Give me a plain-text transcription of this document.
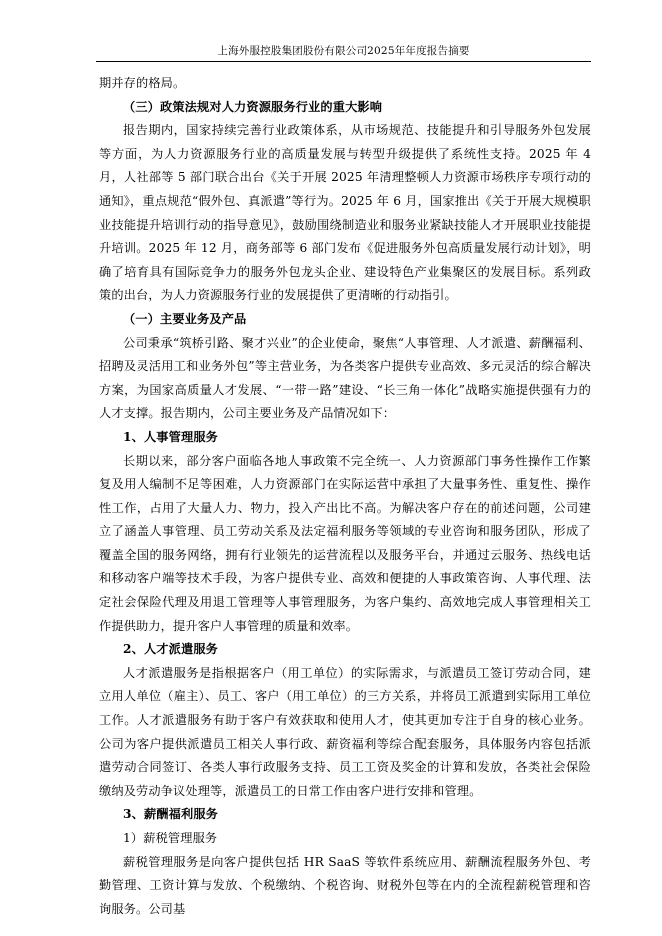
上海外服控股集团股份有限公司2025年年度报告摘要

期并存的格局。

（三）政策法规对人力资源服务行业的重大影响

报告期内，国家持续完善行业政策体系，从市场规范、技能提升和引导服务外包发展等方面，为人力资源服务行业的高质量发展与转型升级提供了系统性支持。2025 年 4 月，人社部等 5 部门联合出台《关于开展 2025 年清理整顿人力资源市场秩序专项行动的通知》，重点规范“假外包、真派遣”等行为。2025 年 6 月，国家推出《关于开展大规模职业技能提升培训行动的指导意见》，鼓励围绕制造业和服务业紧缺技能人才开展职业技能提升培训。2025 年 12 月，商务部等 6 部门发布《促进服务外包高质量发展行动计划》，明确了培育具有国际竞争力的服务外包龙头企业、建设特色产业集聚区的发展目标。系列政策的出台，为人力资源服务行业的发展提供了更清晰的行动指引。

（一）主要业务及产品

公司秉承“筑桥引路、聚才兴业”的企业使命，聚焦“人事管理、人才派遣、薪酬福利、招聘及灵活用工和业务外包”等主营业务，为各类客户提供专业高效、多元灵活的综合解决方案，为国家高质量人才发展、“一带一路”建设、“长三角一体化”战略实施提供强有力的人才支撑。报告期内，公司主要业务及产品情况如下：

1、人事管理服务

长期以来，部分客户面临各地人事政策不完全统一、人力资源部门事务性操作工作繁复及用人编制不足等困难，人力资源部门在实际运营中承担了大量事务性、重复性、操作性工作，占用了大量人力、物力，投入产出比不高。为解决客户存在的前述问题，公司建立了涵盖人事管理、员工劳动关系及法定福利服务等领域的专业咨询和服务团队，形成了覆盖全国的服务网络，拥有行业领先的运营流程以及服务平台，并通过云服务、热线电话和移动客户端等技术手段，为客户提供专业、高效和便捷的人事政策咨询、人事代理、法定社会保险代理及用退工管理等人事管理服务，为客户集约、高效地完成人事管理相关工作提供助力，提升客户人事管理的质量和效率。

2、人才派遣服务

人才派遣服务是指根据客户（用工单位）的实际需求，与派遣员工签订劳动合同，建立用人单位（雇主）、员工、客户（用工单位）的三方关系，并将员工派遣到实际用工单位工作。人才派遣服务有助于客户有效获取和使用人才，使其更加专注于自身的核心业务。公司为客户提供派遣员工相关人事行政、薪资福利等综合配套服务，具体服务内容包括派遣劳动合同签订、各类人事行政服务支持、员工工资及奖金的计算和发放，各类社会保险缴纳及劳动争议处理等，派遣员工的日常工作由客户进行安排和管理。

3、薪酬福利服务

1）薪税管理服务

薪税管理服务是向客户提供包括 HR SaaS 等软件系统应用、薪酬流程服务外包、考勤管理、工资计算与发放、个税缴纳、个税咨询、财税外包等在内的全流程薪税管理和咨询服务。公司基
